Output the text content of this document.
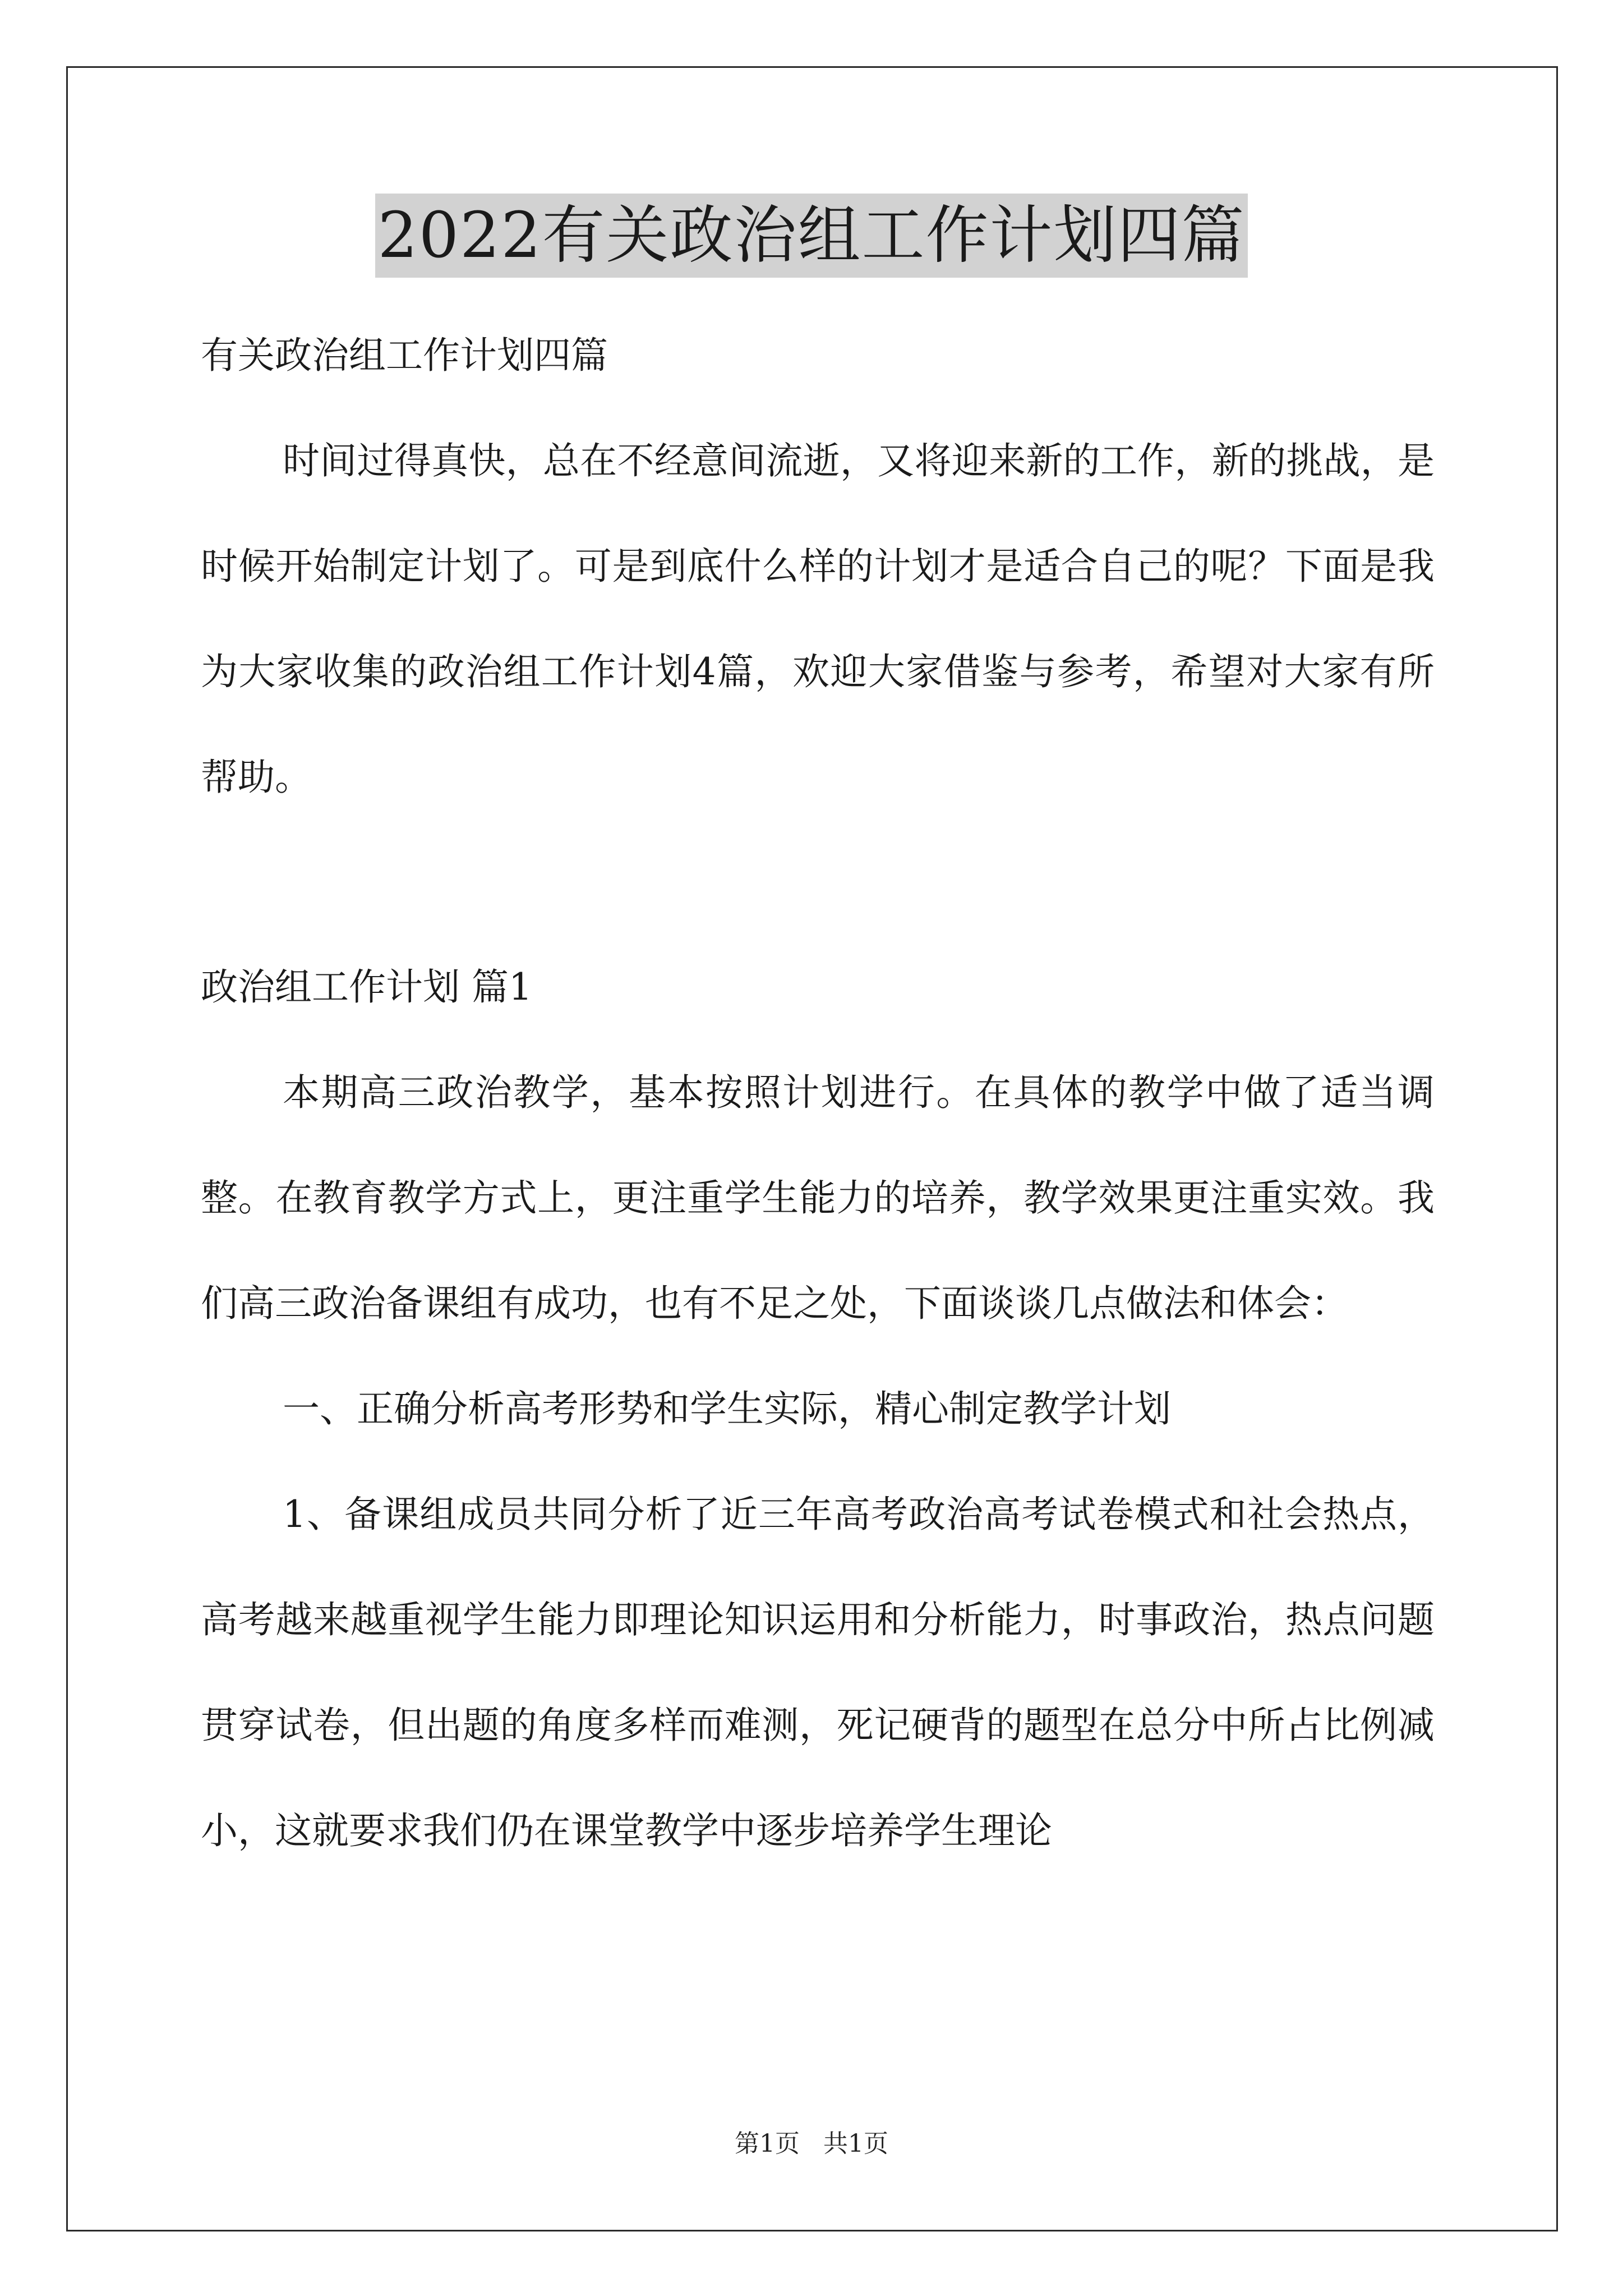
2022有关政治组工作计划四篇
有关政治组工作计划四篇

时间过得真快，总在不经意间流逝，又将迎来新的工作，新的挑战，是时候开始制定计划了。可是到底什么样的计划才是适合自己的呢？下面是我为大家收集的政治组工作计划4篇，欢迎大家借鉴与参考，希望对大家有所帮助。

政治组工作计划 篇1

本期高三政治教学，基本按照计划进行。在具体的教学中做了适当调整。在教育教学方式上，更注重学生能力的培养，教学效果更注重实效。我们高三政治备课组有成功，也有不足之处，下面谈谈几点做法和体会：

一、正确分析高考形势和学生实际，精心制定教学计划

1、备课组成员共同分析了近三年高考政治高考试卷模式和社会热点，高考越来越重视学生能力即理论知识运用和分析能力，时事政治，热点问题贯穿试卷，但出题的角度多样而难测，死记硬背的题型在总分中所占比例减小，这就要求我们仍在课堂教学中逐步培养学生理论

第1页 共1页
